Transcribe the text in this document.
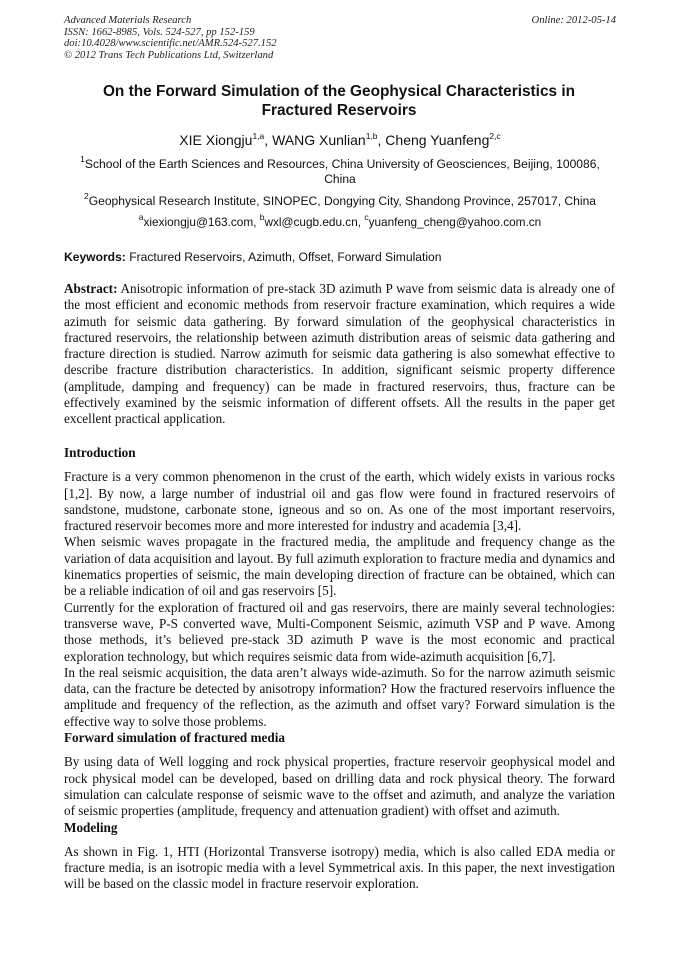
Advanced Materials Research
ISSN: 1662-8985, Vols. 524-527, pp 152-159
doi:10.4028/www.scientific.net/AMR.524-527.152
© 2012 Trans Tech Publications Ltd, Switzerland
Online: 2012-05-14
On the Forward Simulation of the Geophysical Characteristics in Fractured Reservoirs
XIE Xiongju$^{1,a}$, WANG Xunlian$^{1,b}$, Cheng Yuanfeng$^{2,c}$
$^1$School of the Earth Sciences and Resources, China University of Geosciences, Beijing, 100086, China
$^2$Geophysical Research Institute, SINOPEC, Dongying City, Shandong Province, 257017, China
$^a$xiexiongju@163.com, $^b$wxl@cugb.edu.cn, $^c$yuanfeng_cheng@yahoo.com.cn
Keywords: Fractured Reservoirs, Azimuth, Offset, Forward Simulation

Abstract: Anisotropic information of pre-stack 3D azimuth P wave from seismic data is already one of the most efficient and economic methods from reservoir fracture examination, which requires a wide azimuth for seismic data gathering. By forward simulation of the geophysical characteristics in fractured reservoirs, the relationship between azimuth distribution areas of seismic data gathering and fracture direction is studied. Narrow azimuth for seismic data gathering is also somewhat effective to describe fracture distribution characteristics. In addition, significant seismic property difference (amplitude, damping and frequency) can be made in fractured reservoirs, thus, fracture can be effectively examined by the seismic information of different offsets. All the results in the paper get excellent practical application.

Introduction

Fracture is a very common phenomenon in the crust of the earth, which widely exists in various rocks [1,2]. By now, a large number of industrial oil and gas flow were found in fractured reservoirs of sandstone, mudstone, carbonate stone, igneous and so on. As one of the most important reservoirs, fractured reservoir becomes more and more interested for industry and academia [3,4].

When seismic waves propagate in the fractured media, the amplitude and frequency change as the variation of data acquisition and layout. By full azimuth exploration to fracture media and dynamics and kinematics properties of seismic, the main developing direction of fracture can be obtained, which can be a reliable indication of oil and gas reservoirs [5].

Currently for the exploration of fractured oil and gas reservoirs, there are mainly several technologies: transverse wave, P-S converted wave, Multi-Component Seismic, azimuth VSP and P wave. Among those methods, it’s believed pre-stack 3D azimuth P wave is the most economic and practical exploration technology, but which requires seismic data from wide-azimuth acquisition [6,7].

In the real seismic acquisition, the data aren’t always wide-azimuth. So for the narrow azimuth seismic data, can the fracture be detected by anisotropy information? How the fractured reservoirs influence the amplitude and frequency of the reflection, as the azimuth and offset vary? Forward simulation is the effective way to solve those problems.

Forward simulation of fractured media

By using data of Well logging and rock physical properties, fracture reservoir geophysical model and rock physical model can be developed, based on drilling data and rock physical theory. The forward simulation can calculate response of seismic wave to the offset and azimuth, and analyze the variation of seismic properties (amplitude, frequency and attenuation gradient) with offset and azimuth.

Modeling

As shown in Fig. 1, HTI (Horizontal Transverse isotropy) media, which is also called EDA media or fracture media, is an isotropic media with a level Symmetrical axis. In this paper, the next investigation will be based on the classic model in fracture reservoir exploration.
